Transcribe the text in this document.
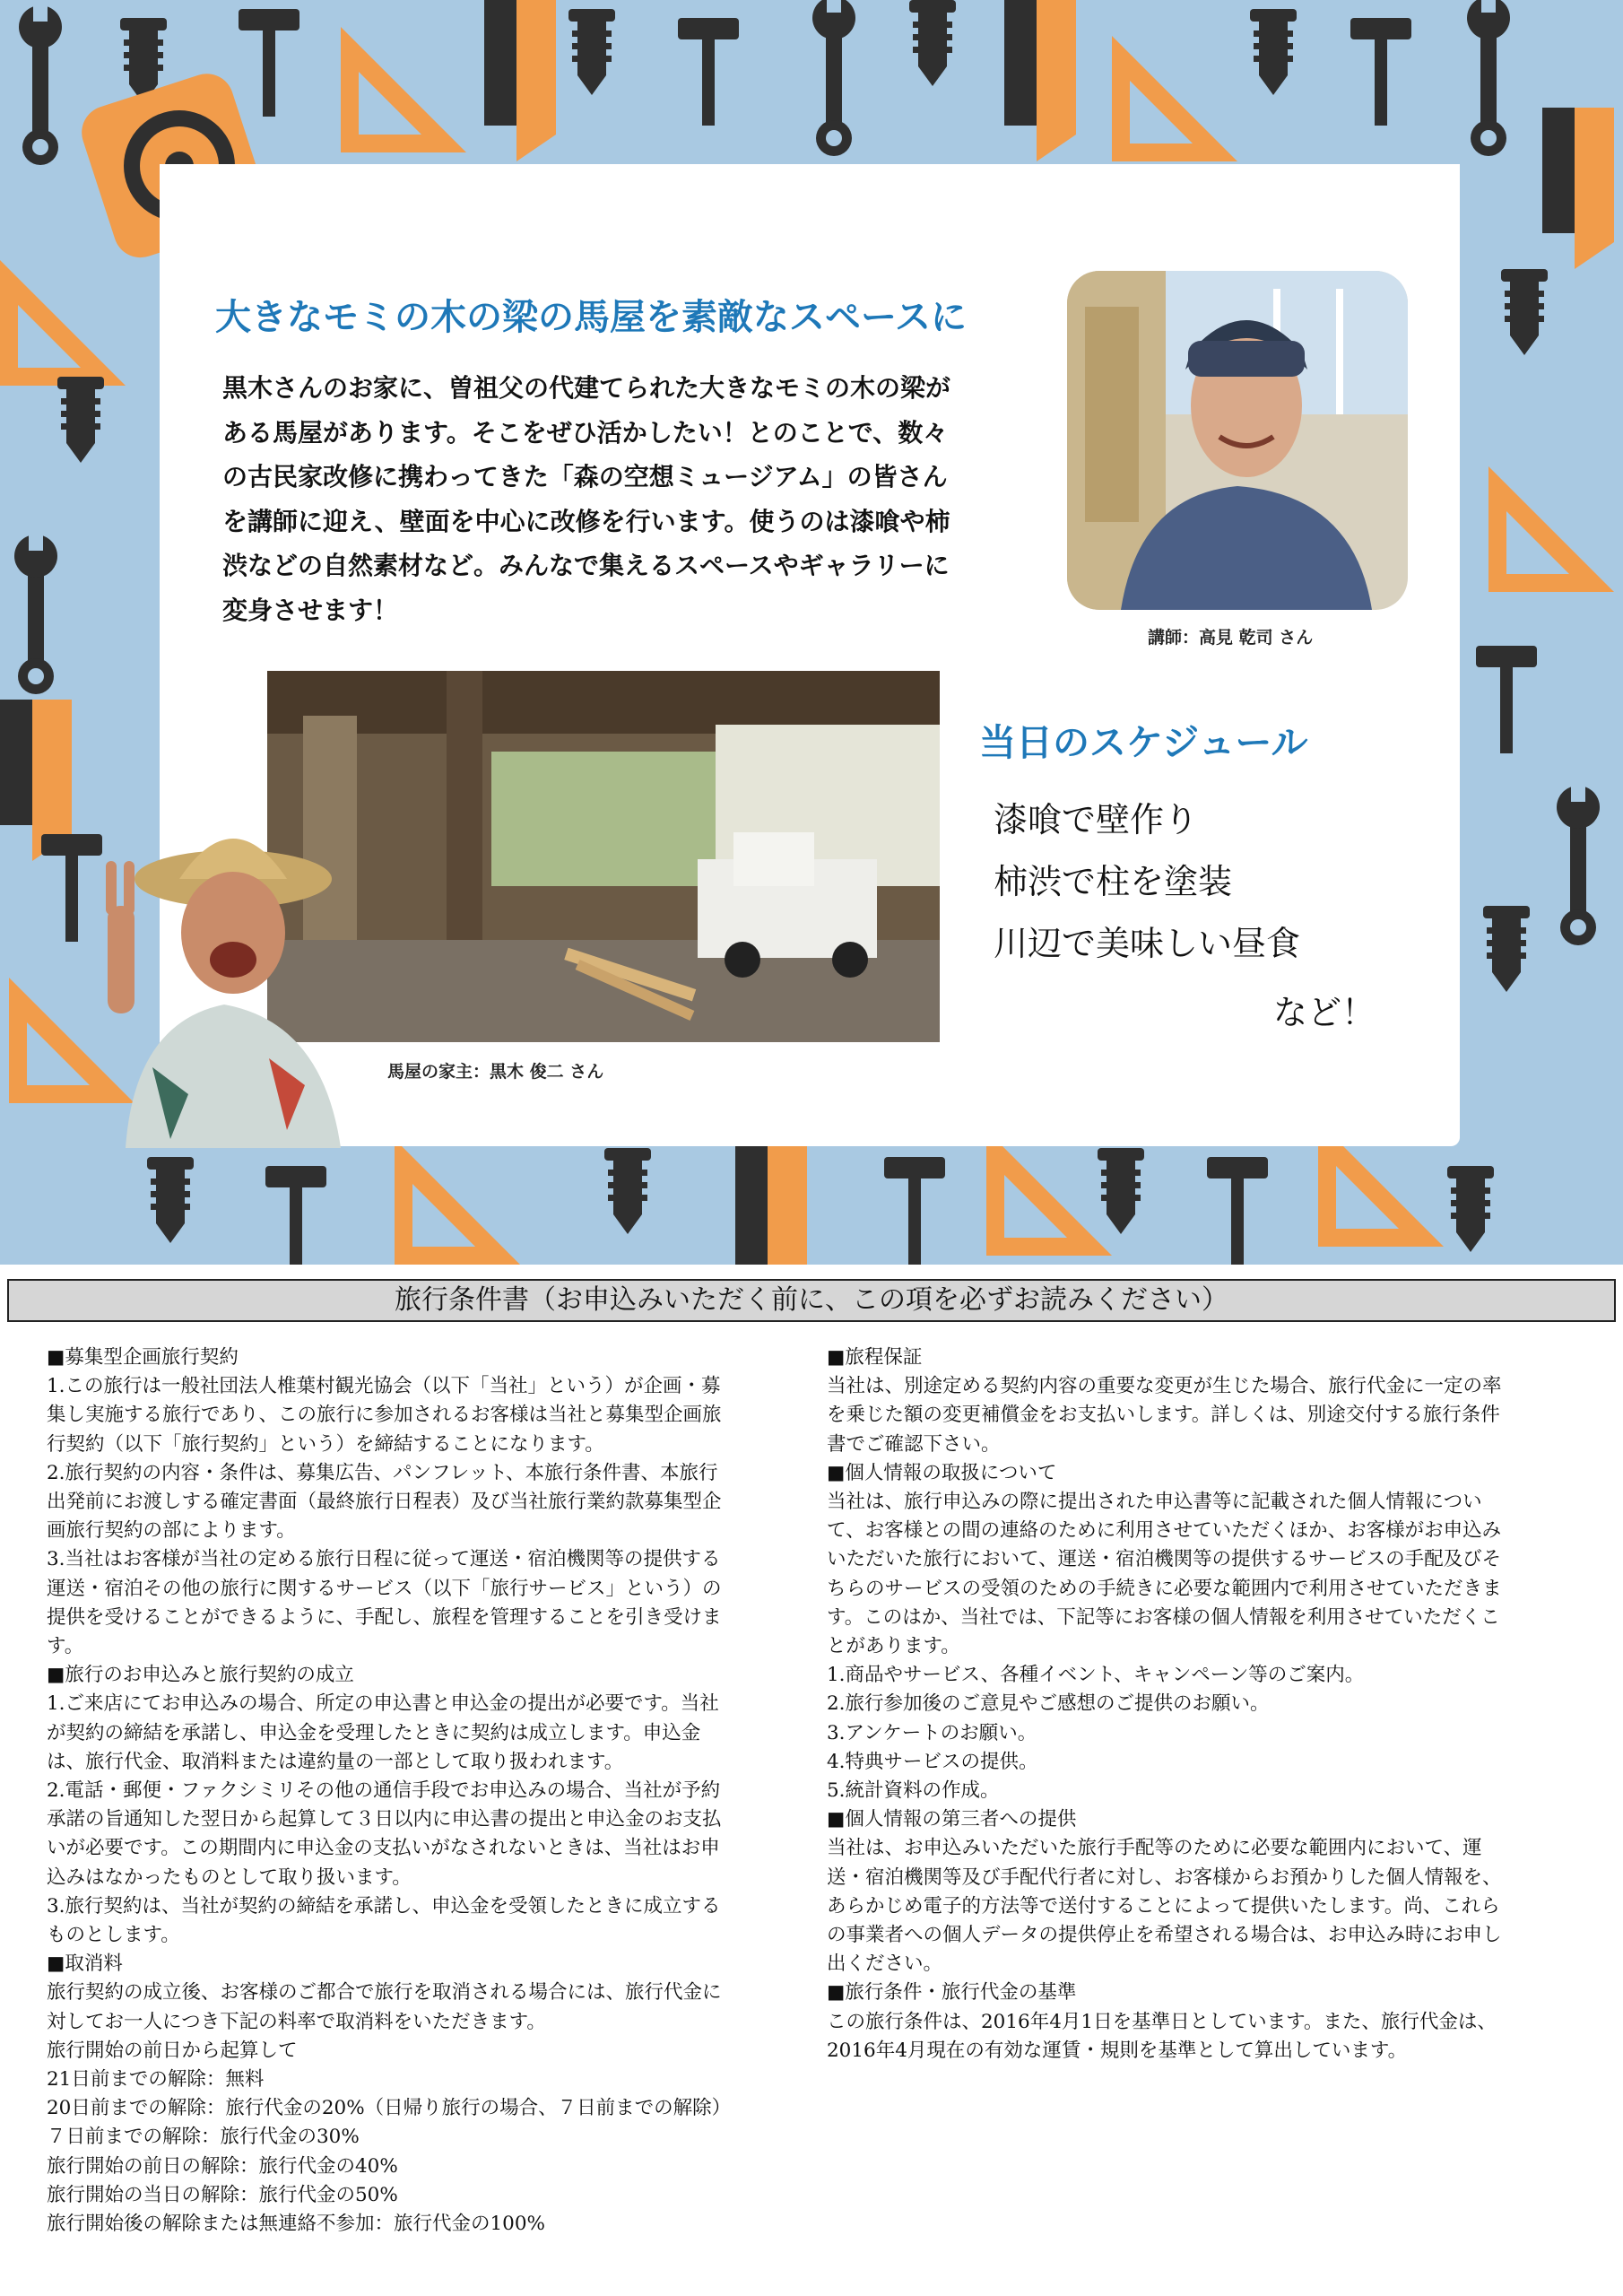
大きなモミの木の梁の馬屋を素敵なスペースに
黒木さんのお家に、曽祖父の代建てられた大きなモミの木の梁が
ある馬屋があります。そこをぜひ活かしたい！とのことで、数々
の古民家改修に携わってきた「森の空想ミュージアム」の皆さん
を講師に迎え、壁面を中心に改修を行います。使うのは漆喰や柿
渋などの自然素材など。みんなで集えるスペースやギャラリーに
変身させます！
講師：高見 乾司 さん
馬屋の家主：黒木 俊二 さん
当日のスケジュール
漆喰で壁作り
柿渋で柱を塗装
川辺で美味しい昼食
など！
旅行条件書（お申込みいただく前に、この項を必ずお読みください）

■募集型企画旅行契約

1.この旅行は一般社団法人椎葉村観光協会（以下「当社」という）が企画・募

集し実施する旅行であり、この旅行に参加されるお客様は当社と募集型企画旅

行契約（以下「旅行契約」という）を締結することになります。

2.旅行契約の内容・条件は、募集広告、パンフレット、本旅行条件書、本旅行

出発前にお渡しする確定書面（最終旅行日程表）及び当社旅行業約款募集型企

画旅行契約の部によります。

3.当社はお客様が当社の定める旅行日程に従って運送・宿泊機関等の提供する

運送・宿泊その他の旅行に関するサービス（以下「旅行サービス」という）の

提供を受けることができるように、手配し、旅程を管理することを引き受けま

す。

■旅行のお申込みと旅行契約の成立

1.ご来店にてお申込みの場合、所定の申込書と申込金の提出が必要です。当社

が契約の締結を承諾し、申込金を受理したときに契約は成立します。申込金

は、旅行代金、取消料または違約量の一部として取り扱われます。

2.電話・郵便・ファクシミリその他の通信手段でお申込みの場合、当社が予約

承諾の旨通知した翌日から起算して３日以内に申込書の提出と申込金のお支払

いが必要です。この期間内に申込金の支払いがなされないときは、当社はお申

込みはなかったものとして取り扱います。

3.旅行契約は、当社が契約の締結を承諾し、申込金を受領したときに成立する

ものとします。

■取消料

旅行契約の成立後、お客様のご都合で旅行を取消される場合には、旅行代金に

対してお一人につき下記の料率で取消料をいただきます。

旅行開始の前日から起算して

21日前までの解除：無料

20日前までの解除：旅行代金の20%（日帰り旅行の場合、７日前までの解除）

７日前までの解除：旅行代金の30%

旅行開始の前日の解除：旅行代金の40%

旅行開始の当日の解除：旅行代金の50%

旅行開始後の解除または無連絡不参加：旅行代金の100%

■旅程保証

当社は、別途定める契約内容の重要な変更が生じた場合、旅行代金に一定の率

を乗じた額の変更補償金をお支払いします。詳しくは、別途交付する旅行条件

書でご確認下さい。

■個人情報の取扱について

当社は、旅行申込みの際に提出された申込書等に記載された個人情報につい

て、お客様との間の連絡のために利用させていただくほか、お客様がお申込み

いただいた旅行において、運送・宿泊機関等の提供するサービスの手配及びそ

ちらのサービスの受領のための手続きに必要な範囲内で利用させていただきま

す。このはか、当社では、下記等にお客様の個人情報を利用させていただくこ

とがあります。

1.商品やサービス、各種イベント、キャンペーン等のご案内。

2.旅行参加後のご意見やご感想のご提供のお願い。

3.アンケートのお願い。

4.特典サービスの提供。

5.統計資料の作成。

■個人情報の第三者への提供

当社は、お申込みいただいた旅行手配等のために必要な範囲内において、運

送・宿泊機関等及び手配代行者に対し、お客様からお預かりした個人情報を、

あらかじめ電子的方法等で送付することによって提供いたします。尚、これら

の事業者への個人データの提供停止を希望される場合は、お申込み時にお申し

出ください。

■旅行条件・旅行代金の基準

この旅行条件は、2016年4月1日を基準日としています。また、旅行代金は、

2016年4月現在の有効な運賃・規則を基準として算出しています。
